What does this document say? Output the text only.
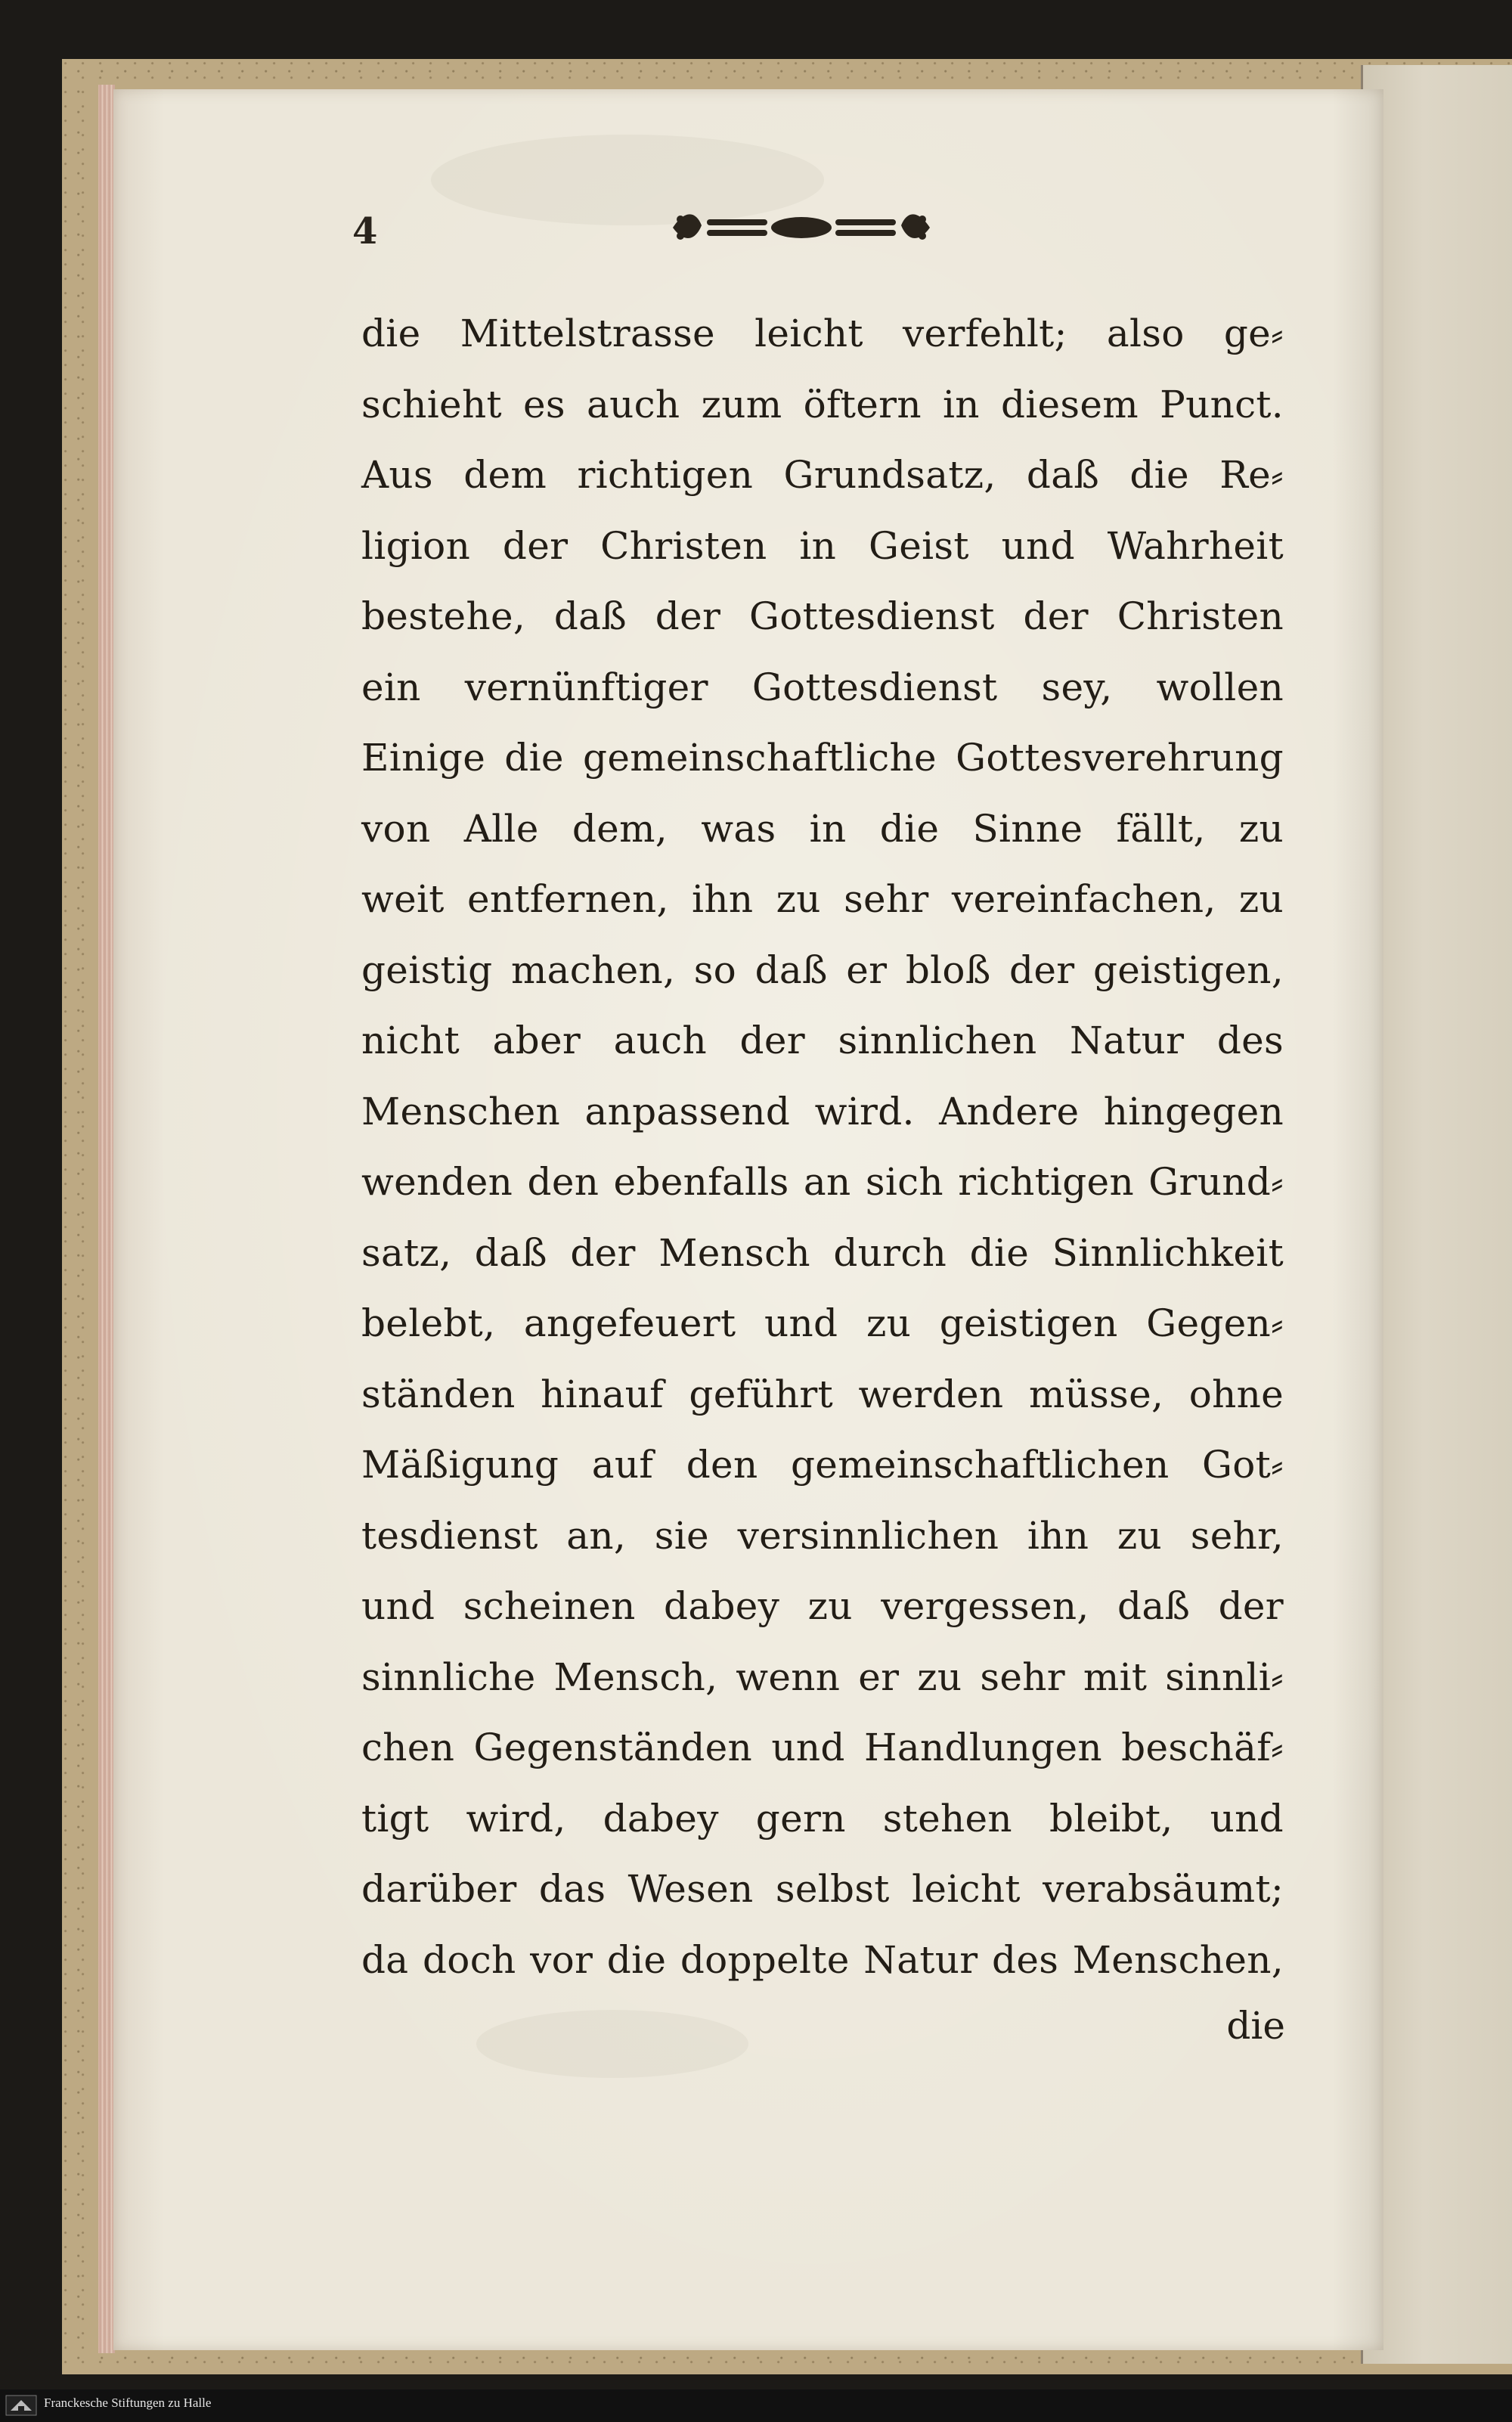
4
die Mittelstrasse leicht verfehlt; also ge⸗
schieht es auch zum öftern in diesem Punct.
Aus dem richtigen Grundsatz, daß die Re⸗
ligion der Christen in Geist und Wahrheit
bestehe, daß der Gottesdienst der Christen
ein vernünftiger Gottesdienst sey, wollen
Einige die gemeinschaftliche Gottesverehrung
von Alle dem, was in die Sinne fällt, zu
weit entfernen, ihn zu sehr vereinfachen, zu
geistig machen, so daß er bloß der geistigen,
nicht aber auch der sinnlichen Natur des
Menschen anpassend wird. Andere hingegen
wenden den ebenfalls an sich richtigen Grund⸗
satz, daß der Mensch durch die Sinnlichkeit
belebt, angefeuert und zu geistigen Gegen⸗
ständen hinauf geführt werden müsse, ohne
Mäßigung auf den gemeinschaftlichen Got⸗
tesdienst an, sie versinnlichen ihn zu sehr,
und scheinen dabey zu vergessen, daß der
sinnliche Mensch, wenn er zu sehr mit sinnli⸗
chen Gegenständen und Handlungen beschäf⸗
tigt wird, dabey gern stehen bleibt, und
darüber das Wesen selbst leicht verabsäumt;
da doch vor die doppelte Natur des Menschen,
die
Franckesche Stiftungen zu Halle
